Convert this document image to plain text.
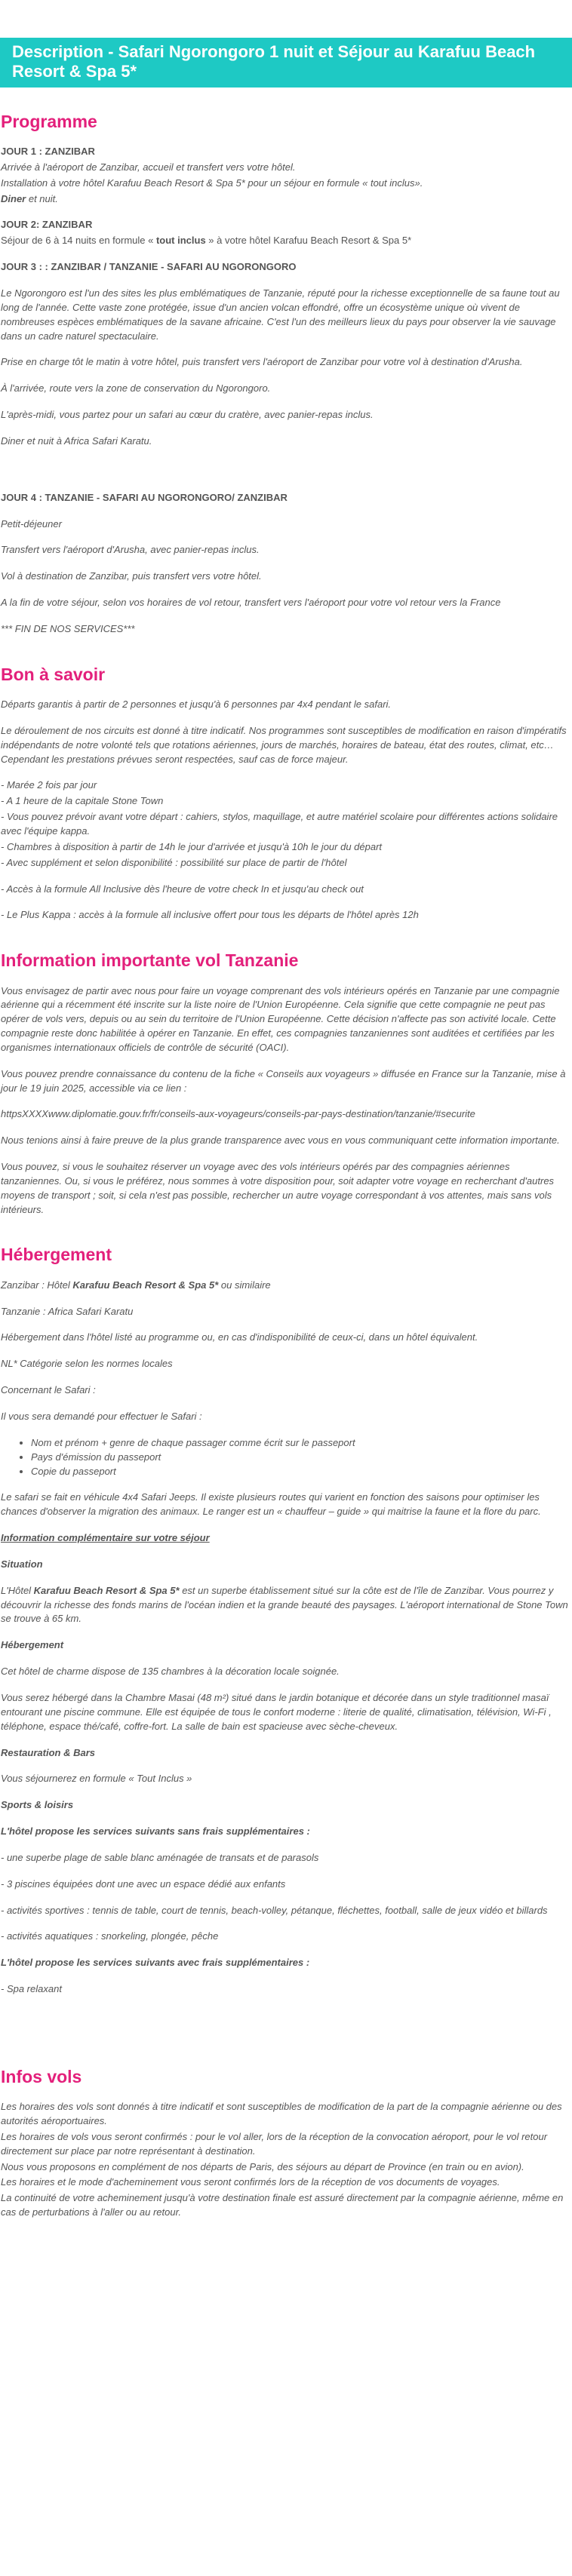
Description - Safari Ngorongoro 1 nuit et Séjour au Karafuu Beach Resort & Spa 5*
Programme

JOUR 1 : ZANZIBAR

Arrivée à l'aéroport de Zanzibar, accueil et transfert vers votre hôtel.

Installation à votre hôtel Karafuu Beach Resort & Spa 5* pour un séjour en formule « tout inclus».

Diner et nuit.

JOUR 2: ZANZIBAR

Séjour de 6 à 14 nuits en formule « tout inclus » à votre hôtel Karafuu Beach Resort & Spa 5*

JOUR 3 : : ZANZIBAR / TANZANIE - SAFARI AU NGORONGORO

Le Ngorongoro est l'un des sites les plus emblématiques de Tanzanie, réputé pour la richesse exceptionnelle de sa faune tout au long de l'année. Cette vaste zone protégée, issue d'un ancien volcan effondré, offre un écosystème unique où vivent de nombreuses espèces emblématiques de la savane africaine. C'est l'un des meilleurs lieux du pays pour observer la vie sauvage dans un cadre naturel spectaculaire.

Prise en charge tôt le matin à votre hôtel, puis transfert vers l'aéroport de Zanzibar pour votre vol à destination d'Arusha.

À l'arrivée, route vers la zone de conservation du Ngorongoro.

L'après-midi, vous partez pour un safari au cœur du cratère, avec panier-repas inclus.

Diner et nuit à Africa Safari Karatu.

JOUR 4 : TANZANIE - SAFARI AU NGORONGORO/ ZANZIBAR

Petit-déjeuner

Transfert vers l'aéroport d'Arusha, avec panier-repas inclus.

Vol à destination de Zanzibar, puis transfert vers votre hôtel.

A la fin de votre séjour, selon vos horaires de vol retour, transfert vers l'aéroport pour votre vol retour vers la France

*** FIN DE NOS SERVICES***

Bon à savoir

Départs garantis à partir de 2 personnes et jusqu'à 6 personnes par 4x4 pendant le safari.

Le déroulement de nos circuits est donné à titre indicatif. Nos programmes sont susceptibles de modification en raison d'impératifs indépendants de notre volonté tels que rotations aériennes, jours de marchés, horaires de bateau, état des routes, climat, etc… Cependant les prestations prévues seront respectées, sauf cas de force majeur.

- Marée 2 fois par jour

- A 1 heure de la capitale Stone Town

- Vous pouvez prévoir avant votre départ : cahiers, stylos, maquillage, et autre matériel scolaire pour différentes actions solidaire avec l'équipe kappa.

- Chambres à disposition à partir de 14h le jour d'arrivée et jusqu'à 10h le jour du départ

- Avec supplément et selon disponibilité : possibilité sur place de partir de l'hôtel

- Accès à la formule All Inclusive dès l'heure de votre check In et jusqu'au check out

- Le Plus Kappa : accès à la formule all inclusive offert pour tous les départs de l'hôtel après 12h

Information importante vol Tanzanie

Vous envisagez de partir avec nous pour faire un voyage comprenant des vols intérieurs opérés en Tanzanie par une compagnie aérienne qui a récemment été inscrite sur la liste noire de l'Union Européenne. Cela signifie que cette compagnie ne peut pas opérer de vols vers, depuis ou au sein du territoire de l'Union Européenne. Cette décision n'affecte pas son activité locale. Cette compagnie reste donc habilitée à opérer en Tanzanie. En effet, ces compagnies tanzaniennes sont auditées et certifiées par les organismes internationaux officiels de contrôle de sécurité (OACI).

Vous pouvez prendre connaissance du contenu de la fiche « Conseils aux voyageurs » diffusée en France sur la Tanzanie, mise à jour le 19 juin 2025, accessible via ce lien :

httpsXXXXwww.diplomatie.gouv.fr/fr/conseils-aux-voyageurs/conseils-par-pays-destination/tanzanie/#securite

Nous tenions ainsi à faire preuve de la plus grande transparence avec vous en vous communiquant cette information importante.

Vous pouvez, si vous le souhaitez réserver un voyage avec des vols intérieurs opérés par des compagnies aériennes tanzaniennes. Ou, si vous le préférez, nous sommes à votre disposition pour, soit adapter votre voyage en recherchant d'autres moyens de transport ; soit, si cela n'est pas possible, rechercher un autre voyage correspondant à vos attentes, mais sans vols intérieurs.

Hébergement

Zanzibar : Hôtel Karafuu Beach Resort & Spa 5* ou similaire

Tanzanie : Africa Safari Karatu

Hébergement dans l'hôtel listé au programme ou, en cas d'indisponibilité de ceux-ci, dans un hôtel équivalent.

NL* Catégorie selon les normes locales

Concernant le Safari :

Il vous sera demandé pour effectuer le Safari :

• Nom et prénom + genre de chaque passager comme écrit sur le passeport
• Pays d'émission du passeport
• Copie du passeport

Le safari se fait en véhicule 4x4 Safari Jeeps. Il existe plusieurs routes qui varient en fonction des saisons pour optimiser les chances d'observer la migration des animaux. Le ranger est un « chauffeur – guide » qui maitrise la faune et la flore du parc.

Information complémentaire sur votre séjour

Situation

L'Hôtel Karafuu Beach Resort & Spa 5* est un superbe établissement situé sur la côte est de l'île de Zanzibar. Vous pourrez y découvrir la richesse des fonds marins de l'océan indien et la grande beauté des paysages. L'aéroport international de Stone Town se trouve à 65 km.

Hébergement

Cet hôtel de charme dispose de 135 chambres à la décoration locale soignée.

Vous serez hébergé dans la Chambre Masai (48 m²) situé dans le jardin botanique et décorée dans un style traditionnel masaï entourant une piscine commune. Elle est équipée de tous le confort moderne : literie de qualité, climatisation, télévision, Wi-Fi , téléphone, espace thé/café, coffre-fort. La salle de bain est spacieuse avec sèche-cheveux.

Restauration & Bars

Vous séjournerez en formule « Tout Inclus »

Sports & loisirs

L'hôtel propose les services suivants sans frais supplémentaires :

- une superbe plage de sable blanc aménagée de transats et de parasols

- 3 piscines équipées dont une avec un espace dédié aux enfants

- activités sportives : tennis de table, court de tennis, beach-volley, pétanque, fléchettes, football, salle de jeux vidéo et billards

- activités aquatiques : snorkeling, plongée, pêche

L'hôtel propose les services suivants avec frais supplémentaires :

- Spa relaxant

Infos vols

Les horaires des vols sont donnés à titre indicatif et sont susceptibles de modification de la part de la compagnie aérienne ou des autorités aéroportuaires.

Les horaires de vols vous seront confirmés : pour le vol aller, lors de la réception de la convocation aéroport, pour le vol retour directement sur place par notre représentant à destination.

Nous vous proposons en complément de nos départs de Paris, des séjours au départ de Province (en train ou en avion).

Les horaires et le mode d'acheminement vous seront confirmés lors de la réception de vos documents de voyages.

La continuité de votre acheminement jusqu'à votre destination finale est assuré directement par la compagnie aérienne, même en cas de perturbations à l'aller ou au retour.
